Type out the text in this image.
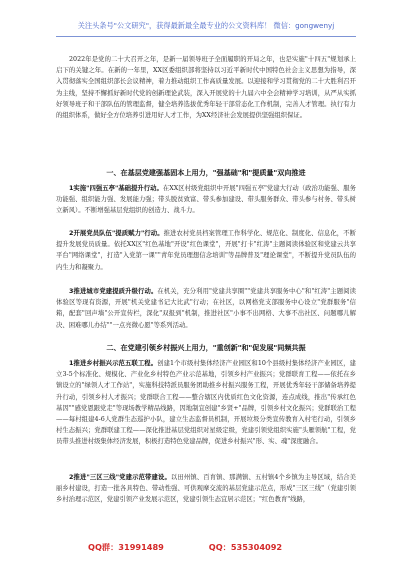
关注头条号"公文研究"，获得最新最全最专业的公文资料库！ 微信：gongwenyj
2022年是党的二十大召开之年，是新一届领导班子全面履职的开局之年，也是实施"十四五"规划承上启下的关键之年。在新的一年里，XX区委组织部将坚持以习近平新时代中国特色社会主义思想为指导，深入贯彻落实全国组织部长会议精神，着力推动组织工作高质量发展。以迎接和学习贯彻党的二十大胜利召开为主线，坚持不懈抓好新时代党的创新理论武装，深入开展党的十九届六中全会精神学习培训，从严从实抓好领导班子和干部队伍的管理监督，健全培养选拔优秀年轻干部常态化工作机制，完善人才管理。执行有力的组织体系，做好全方位培养引进用好人才工作，为XX经济社会发展提供坚强组织保证。
一、在基层党建强基固本上用力，"强基础"和"提质量"双向推进
1实施"四强五亭"基础提升行动。在XX区村级党组织中开展"四强五亭"党建大行动（政治功能强、服务功能强、组织能力强、发展能力强；带头脱贫致富、带头参加建设、带头服务群众、带头参与村务、带头树立新风）。不断增强基层党组织的创造力、战斗力。
2开展党员队伍"提质赋力"行动。推进农村党员档案管理工作科学化、规范化、制度化、信息化，不断提升发展党员质量。依托XX区"红色基地"开设"红色课堂"，开展"打卡"红涛"主题阅读体验区和党建云共享平台"网络课堂"，打造"入党第一课""青年党员理想信念培训"等品牌普及"理论课堂"，不断提升党员队伍的内生力和凝聚力。
3推进城市党建提质升级行动。在机关，充分利用"党建共享圈""党建共享服务中心"和"红涛"主题阅读体验区等现有资源，开展"机关党建书记大比武"行动；在社区，以网格党支部服务中心设立"党群服务"信箱，配套"回声墙"公开宣传栏，深化"双报到"机制，推进社区"小事不出网格、大事不出社区、问题哪儿解决、困难哪儿办结""一点亮微心愿"等系列活动。
二、在党建引领乡村振兴上用力，"重创新"和"促发展"同频共振
1推进乡村振兴示范五联工程。创建1个市级村集体经济产业园区和10个县级村集体经济产业园区，建立3-5个标准化、规模化、产业化乡村特色产业示范基地，引领乡村产业振兴；党群联育工程——依托在乡镇设立的"绿领人才工作站"，实施科技特派员服务团助推乡村振兴服务工程，开展优秀年轻干部储备培养提升行动，引领乡村人才振兴；党群联合工程——整合辖区内优质红色文化资源，连点成线，推出"传承红色基因""感党恩跟党走"等现场教学精品线路，因地制宜创建"乡贤+"品牌，引领乡村文化振兴；党群联治工程——每村组建4-6人党群生态巡护小队，建立生态监督员机制，开展垃圾分类宣传教育入村宅行动，引领乡村生态振兴；党群联建工程——深化推进基层党组织对星级定级，党建引领党组织实施"头雁领航"工程，党员带头推进村级集体经济发展，积极打造特色党建品牌，促进乡村振兴"形、实、魂"深度融合。
2推进"三区三线"党建示范带建设。以田州镇、百育镇、那满镇、五村镇4个乡镇为主导区域，结合美丽乡村建设，打造一批各具特色、带动性强、可供观摩交流的基层党建示范点，形成"三区三线"（党建引领乡村治理示范区，党建引领产业发展示范区，党建引领生态宜居示范区；"红色教育"线路，
QQ群：31991489	QQ：535304092
